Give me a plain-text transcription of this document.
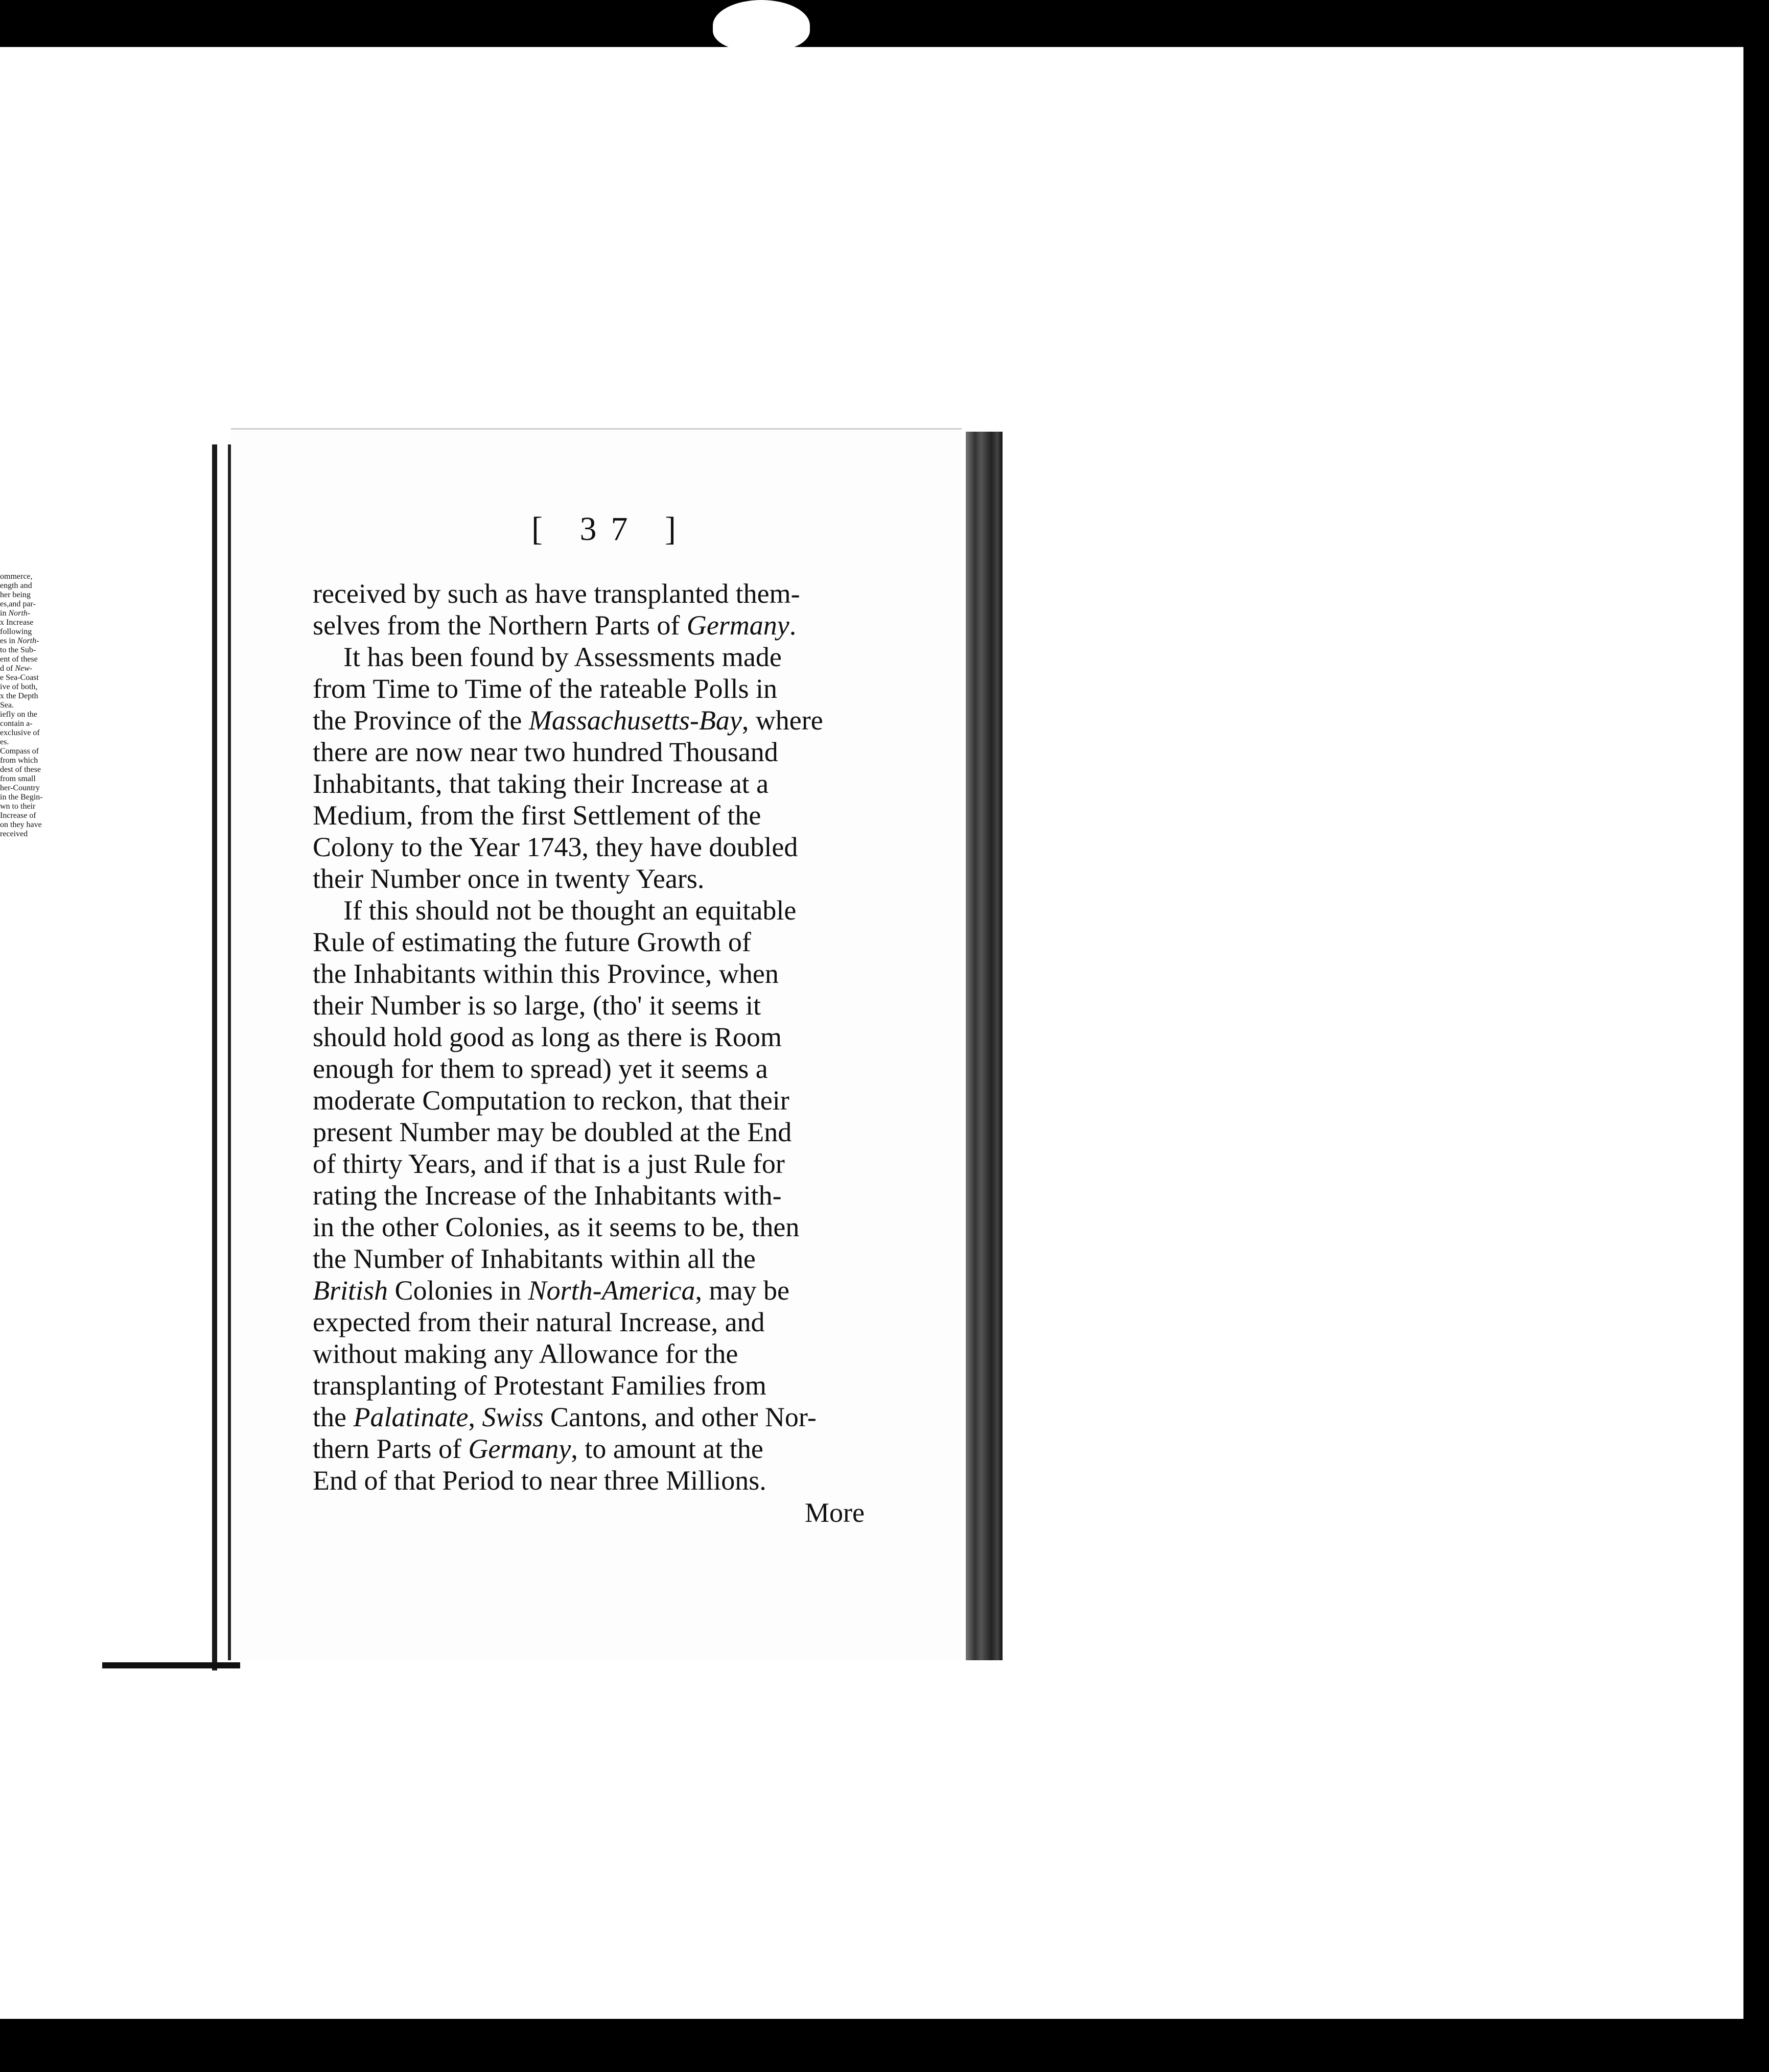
ommerce,
ength and
her being
es,and par-
in North-
x Increase
following
es in North-
to the Sub-
ent of these
d of New-
e Sea-Coast
ive of both,
x the Depth
Sea.
iefly on the
contain a-
exclusive of
es.
Compass of
from which
dest of these
from small
her-Country
in the Begin-
wn to their
Increase of
on they have
received
[ 37 ]
received by such as have transplanted them-
selves from the Northern Parts of Germany.
It has been found by Assessments made
from Time to Time of the rateable Polls in
the Province of the Massachusetts-Bay, where
there are now near two hundred Thousand
Inhabitants, that taking their Increase at a
Medium, from the first Settlement of the
Colony to the Year 1743, they have doubled
their Number once in twenty Years.
If this should not be thought an equitable
Rule of estimating the future Growth of
the Inhabitants within this Province, when
their Number is so large, (tho' it seems it
should hold good as long as there is Room
enough for them to spread) yet it seems a
moderate Computation to reckon, that their
present Number may be doubled at the End
of thirty Years, and if that is a just Rule for
rating the Increase of the Inhabitants with-
in the other Colonies, as it seems to be, then
the Number of Inhabitants within all the
British Colonies in North-America, may be
expected from their natural Increase, and
without making any Allowance for the
transplanting of Protestant Families from
the Palatinate, Swiss Cantons, and other Nor-
thern Parts of Germany, to amount at the
End of that Period to near three Millions.
More
